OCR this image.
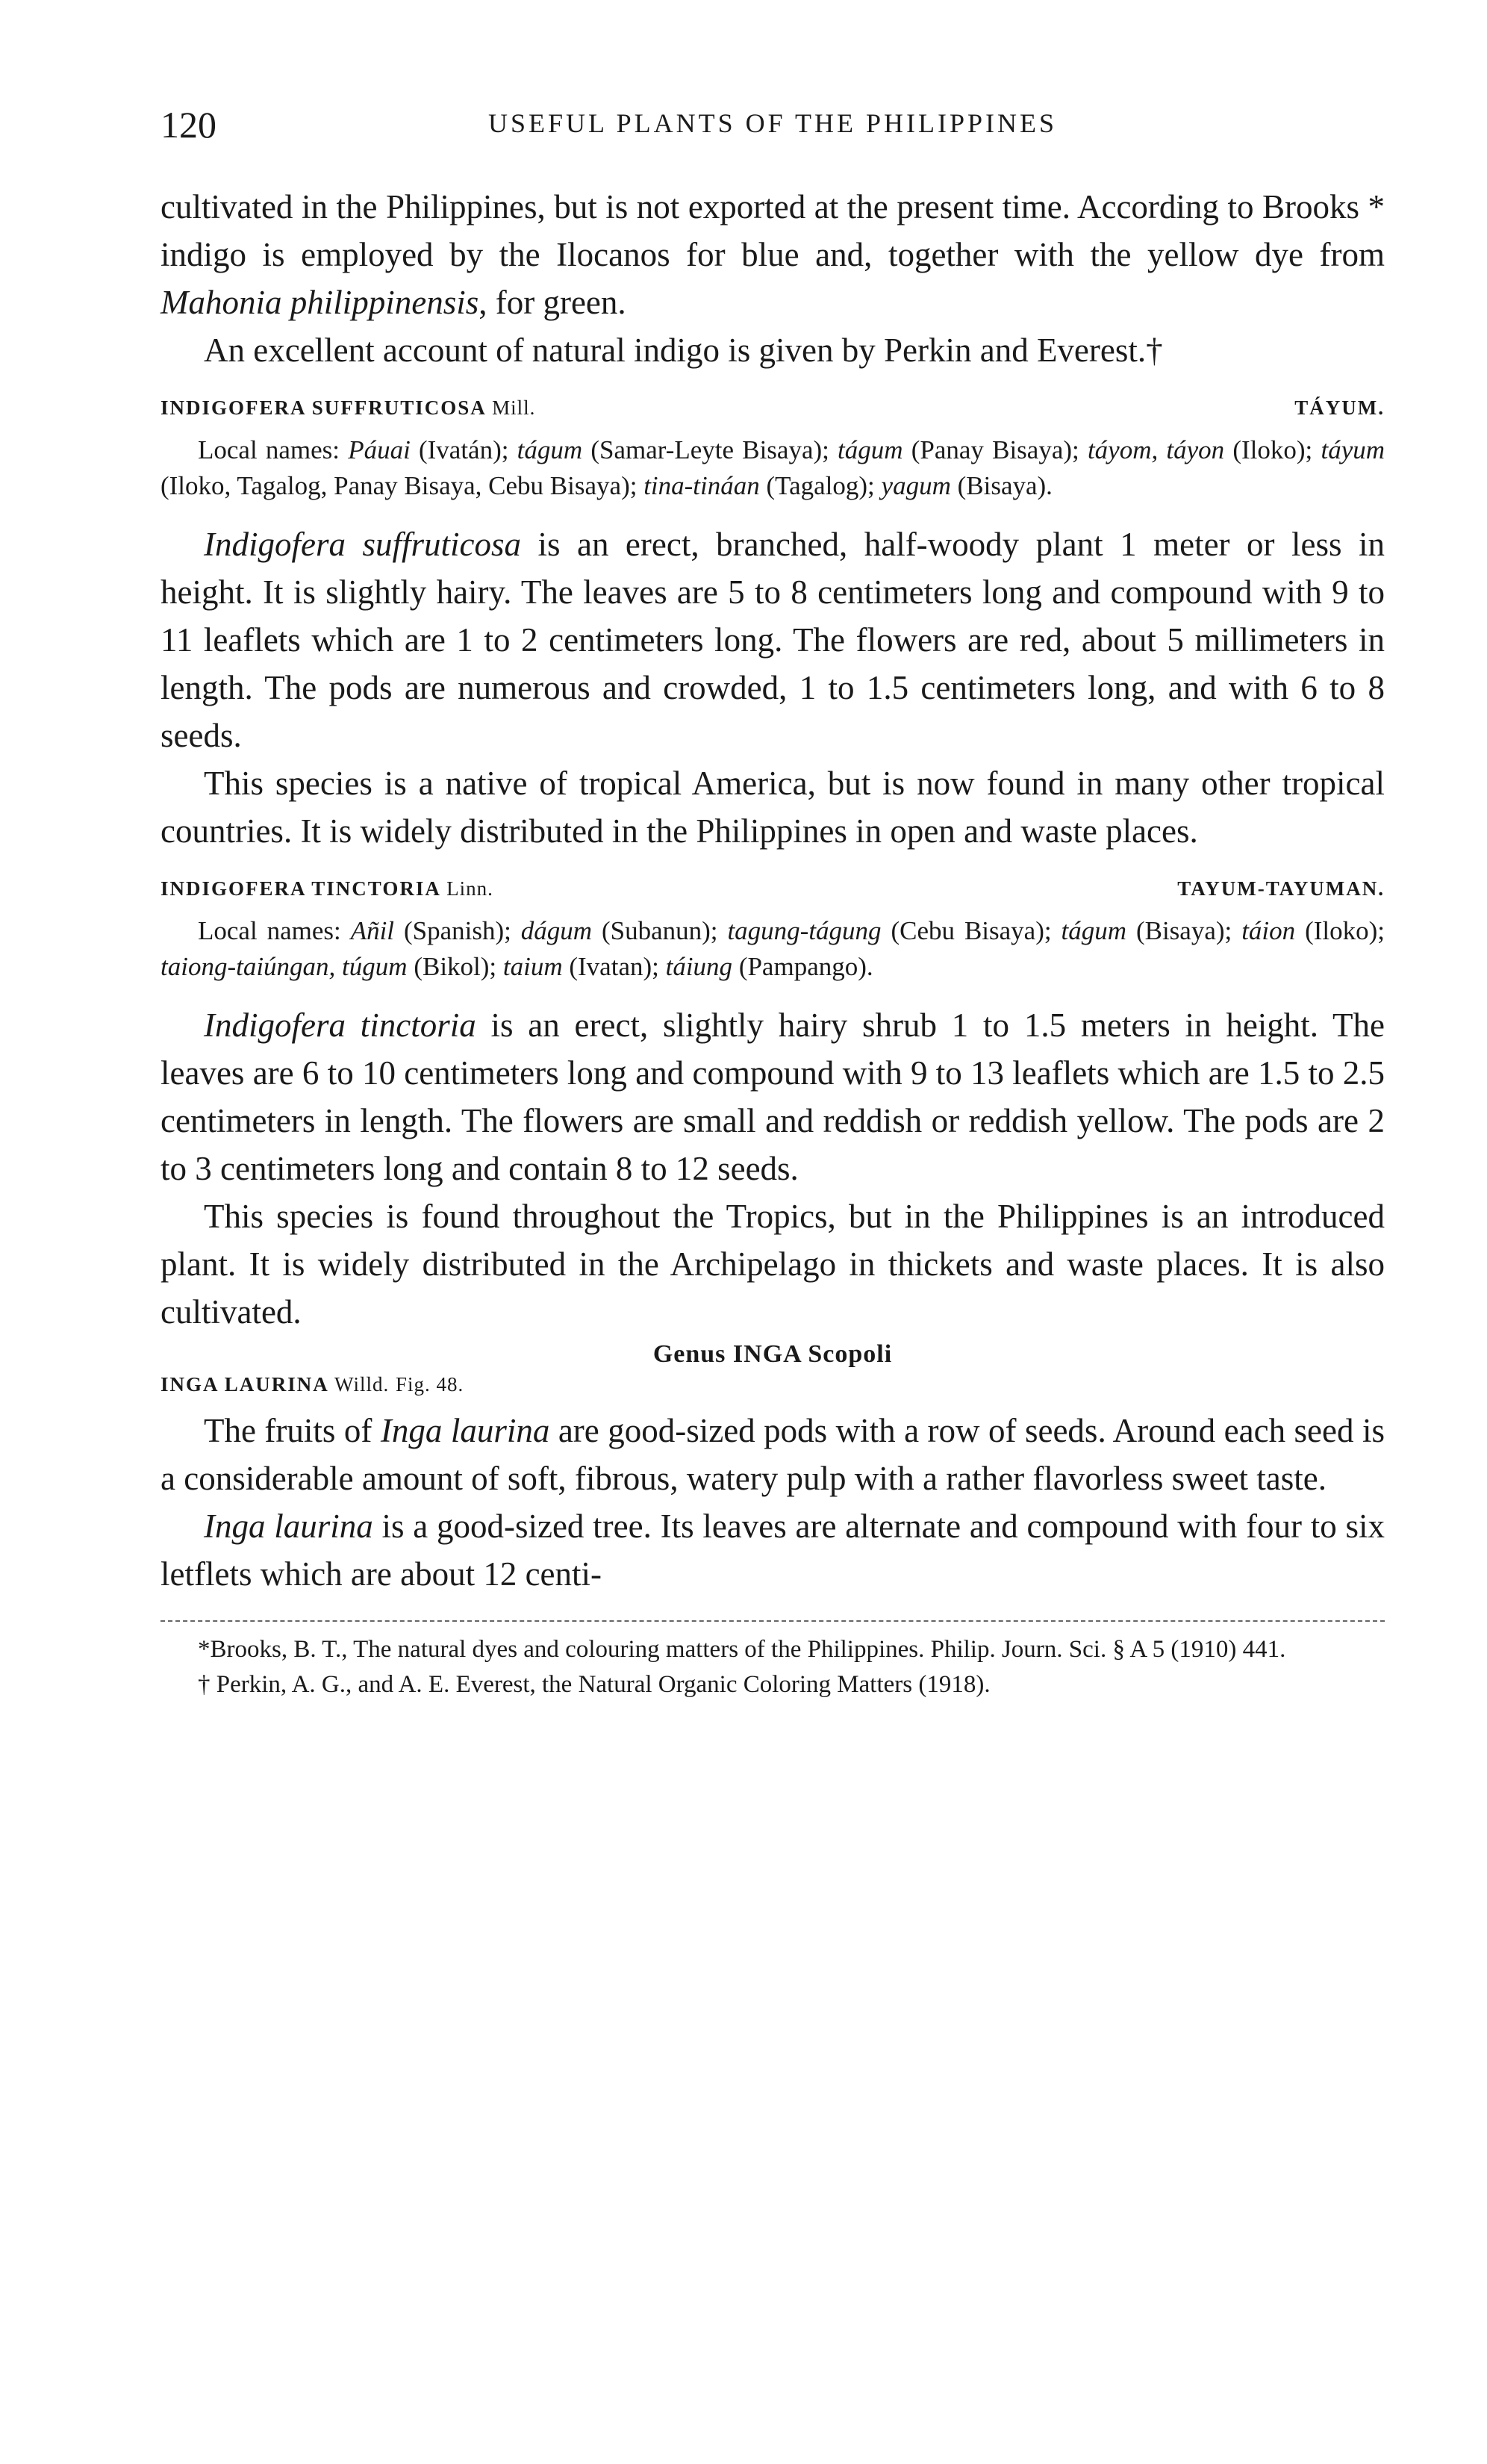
120	USEFUL PLANTS OF THE PHILIPPINES

cultivated in the Philippines, but is not exported at the present time. According to Brooks * indigo is employed by the Ilocanos for blue and, together with the yellow dye from Mahonia philippinensis, for green.

An excellent account of natural indigo is given by Perkin and Everest.†

INDIGOFERA SUFFRUTICOSA Mill.	TÁYUM.

Local names: Páuai (Ivatán); tágum (Samar-Leyte Bisaya); tágum (Panay Bisaya); táyom, táyon (Iloko); táyum (Iloko, Tagalog, Panay Bisaya, Cebu Bisaya); tina-tináan (Tagalog); yagum (Bisaya).

Indigofera suffruticosa is an erect, branched, half-woody plant 1 meter or less in height. It is slightly hairy. The leaves are 5 to 8 centimeters long and compound with 9 to 11 leaflets which are 1 to 2 centimeters long. The flowers are red, about 5 millimeters in length. The pods are numerous and crowded, 1 to 1.5 centimeters long, and with 6 to 8 seeds.

This species is a native of tropical America, but is now found in many other tropical countries. It is widely distributed in the Philippines in open and waste places.

INDIGOFERA TINCTORIA Linn.	TAYUM-TAYUMAN.

Local names: Añil (Spanish); dágum (Subanun); tagung-tágung (Cebu Bisaya); tágum (Bisaya); táion (Iloko); taiong-taiúngan, túgum (Bikol); taium (Ivatan); táiung (Pampango).

Indigofera tinctoria is an erect, slightly hairy shrub 1 to 1.5 meters in height. The leaves are 6 to 10 centimeters long and compound with 9 to 13 leaflets which are 1.5 to 2.5 centimeters in length. The flowers are small and reddish or reddish yellow. The pods are 2 to 3 centimeters long and contain 8 to 12 seeds.

This species is found throughout the Tropics, but in the Philippines is an introduced plant. It is widely distributed in the Archipelago in thickets and waste places. It is also cultivated.

Genus INGA Scopoli
INGA LAURINA Willd. Fig. 48.

The fruits of Inga laurina are good-sized pods with a row of seeds. Around each seed is a considerable amount of soft, fibrous, watery pulp with a rather flavorless sweet taste.

Inga laurina is a good-sized tree. Its leaves are alternate and compound with four to six letflets which are about 12 centi-

*Brooks, B. T., The natural dyes and colouring matters of the Philippines. Philip. Journ. Sci. § A 5 (1910) 441.

† Perkin, A. G., and A. E. Everest, the Natural Organic Coloring Matters (1918).
